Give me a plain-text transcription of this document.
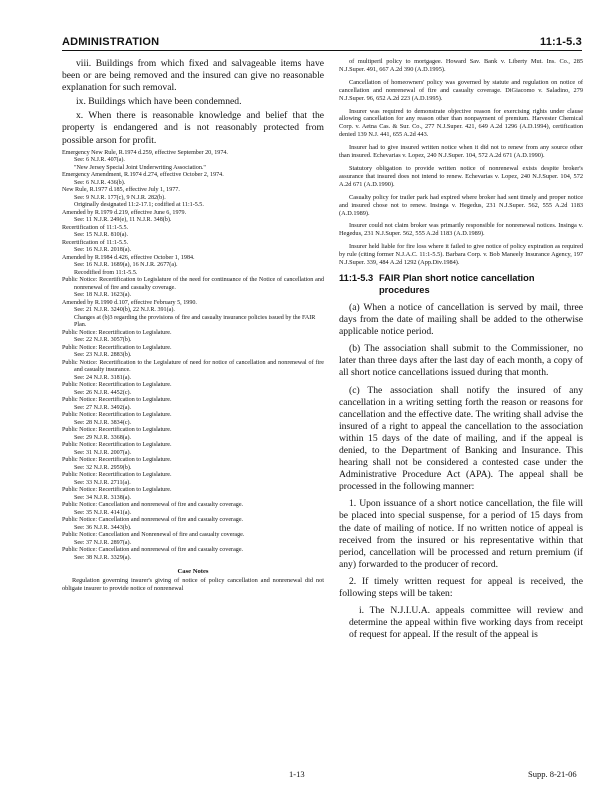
ADMINISTRATION	11:1-5.3

viii. Buildings from which fixed and salvageable items have been or are being removed and the insured can give no reasonable explanation for such removal.

ix. Buildings which have been condemned.

x. When there is reasonable knowledge and belief that the property is endangered and is not reasonably protected from possible arson for profit.

Emergency New Rule, R.1974 d.259, effective September 20, 1974.

See: 6 N.J.R. 407(a).

"New Jersey Special Joint Underwriting Association."

Emergency Amendment, R.1974 d.274, effective October 2, 1974.

See: 6 N.J.R. 436(b).

New Rule, R.1977 d.185, effective July 1, 1977.

See: 9 N.J.R. 177(c), 9 N.J.R. 282(b).

Originally designated 11:2-17.1; codified at 11:1-5.5.

Amended by R.1979 d.219, effective June 6, 1979.

See: 11 N.J.R. 249(e), 11 N.J.R. 348(b).

Recertification of 11:1-5.5.

See: 15 N.J.R. 810(a).

Recertification of 11:1-5.5.

See: 16 N.J.R. 2018(a).

Amended by R.1984 d.426, effective October 1, 1984.

See: 16 N.J.R. 1689(a), 16 N.J.R. 2677(a).

Recodified from 11:1-5.5.

Public Notice: Recertification to Legislature of the need for continuance of the Notice of cancellation and nonrenewal of fire and casualty coverage.

See: 18 N.J.R. 1623(a).

Amended by R.1990 d.107, effective February 5, 1990.

See: 21 N.J.R. 3240(b), 22 N.J.R. 391(a).

Changes at (b)3 regarding the provisions of fire and casualty insurance policies issued by the FAIR Plan.

Public Notice: Recertification to Legislature.

See: 22 N.J.R. 3057(b).

Public Notice: Recertification to Legislature.

See: 23 N.J.R. 2883(b).

Public Notice: Recertification to the Legislature of need for notice of cancellation and nonrenewal of fire and casualty insurance.

See: 24 N.J.R. 3181(a).

Public Notice: Recertification to Legislature.

See: 26 N.J.R. 4452(c).

Public Notice: Recertification to Legislature.

See: 27 N.J.R. 3492(a).

Public Notice: Recertification to Legislature.

See: 28 N.J.R. 3834(c).

Public Notice: Recertification to Legislature.

See: 29 N.J.R. 3368(a).

Public Notice: Recertification to Legislature.

See: 31 N.J.R. 2007(a).

Public Notice: Recertification to Legislature.

See: 32 N.J.R. 2959(b).

Public Notice: Recertification to Legislature.

See: 33 N.J.R. 2711(a).

Public Notice: Recertification to Legislature.

See: 34 N.J.R. 3138(a).

Public Notice: Cancellation and nonrenewal of fire and casualty coverage.

See: 35 N.J.R. 4141(a).

Public Notice: Cancellation and nonrenewal of fire and casualty coverage.

See: 36 N.J.R. 3443(b).

Public Notice: Cancellation and Nonrenewal of fire and casualty coverage.

See: 37 N.J.R. 2897(a).

Public Notice: Cancellation and nonrenewal of fire and casualty coverage.

See: 38 N.J.R. 3329(a).

Case Notes

Regulation governing insurer's giving of notice of policy cancellation and nonrenewal did not obligate insurer to provide notice of nonrenewal

of multiperil policy to mortgagee. Howard Sav. Bank v. Liberty Mut. Ins. Co., 285 N.J.Super. 491, 667 A.2d 390 (A.D.1995).

Cancellation of homeowners' policy was governed by statute and regulation on notice of cancellation and nonrenewal of fire and casualty coverage. DiGiacomo v. Saladino, 279 N.J.Super. 96, 652 A.2d 223 (A.D.1995).

Insurer was required to demonstrate objective reason for exercising rights under clause allowing cancellation for any reason other than nonpayment of premium. Harvester Chemical Corp. v. Aetna Cas. & Sur. Co., 277 N.J.Super. 421, 649 A.2d 1296 (A.D.1994), certification denied 139 N.J. 441, 655 A.2d 443.

Insurer had to give insured written notice when it did not to renew from any source other than insured. Echevarias v. Lopez, 240 N.J.Super. 104, 572 A.2d 671 (A.D.1990).

Statutory obligation to provide written notice of nonrenewal exists despite broker's assurance that insured does not intend to renew. Echevarias v. Lopez, 240 N.J.Super. 104, 572 A.2d 671 (A.D.1990).

Casualty policy for trailer park had expired where broker had sent timely and proper notice and insured chose not to renew. Insinga v. Hegedus, 231 N.J.Super. 562, 555 A.2d 1183 (A.D.1989).

Insurer could not claim broker was primarily responsible for nonrenewal notices. Insinga v. Hegedus, 231 N.J.Super. 562, 555 A.2d 1183 (A.D.1989).

Insurer held liable for fire loss where it failed to give notice of policy expiration as required by rule (citing former N.J.A.C. 11:1-5.5). Barbara Corp. v. Bob Maneely Insurance Agency, 197 N.J.Super. 339, 484 A.2d 1292 (App.Div.1984).

11:1-5.3 FAIR Plan short notice cancellation procedures

(a) When a notice of cancellation is served by mail, three days from the date of mailing shall be added to the otherwise applicable notice period.

(b) The association shall submit to the Commissioner, no later than three days after the last day of each month, a copy of all short notice cancellations issued during that month.

(c) The association shall notify the insured of any cancellation in a writing setting forth the reason or reasons for cancellation and the effective date. The writing shall advise the insured of a right to appeal the cancellation to the association within 15 days of the date of mailing, and if the appeal is denied, to the Department of Banking and Insurance. This hearing shall not be considered a contested case under the Administrative Procedure Act (APA). The appeal shall be processed in the following manner:

1. Upon issuance of a short notice cancellation, the file will be placed into special suspense, for a period of 15 days from the date of mailing of notice. If no written notice of appeal is received from the insured or his representative within that period, cancellation will be processed and return premium (if any) forwarded to the producer of record.

2. If timely written request for appeal is received, the following steps will be taken:

i. The N.J.I.U.A. appeals committee will review and determine the appeal within five working days from receipt of request for appeal. If the result of the appeal is

1-13	Supp. 8-21-06
